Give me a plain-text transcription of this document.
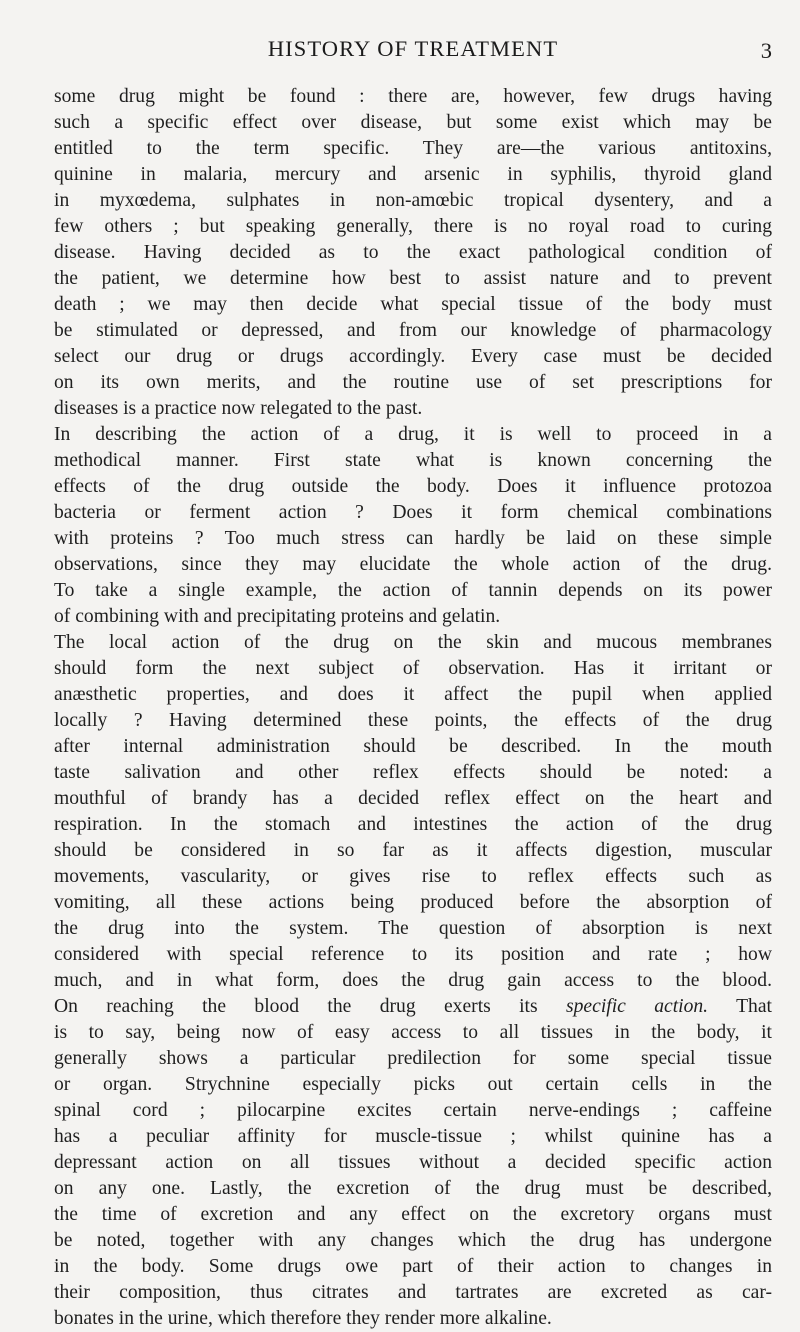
HISTORY OF TREATMENT	3
some drug might be found : there are, however, few drugs having
such a specific effect over disease, but some exist which may be
entitled to the term specific. They are—the various antitoxins,
quinine in malaria, mercury and arsenic in syphilis, thyroid gland
in myxœdema, sulphates in non-amœbic tropical dysentery, and a
few others ; but speaking generally, there is no royal road to curing
disease. Having decided as to the exact pathological condition of
the patient, we determine how best to assist nature and to prevent
death ; we may then decide what special tissue of the body must
be stimulated or depressed, and from our knowledge of pharmacology
select our drug or drugs accordingly. Every case must be decided
on its own merits, and the routine use of set prescriptions for
diseases is a practice now relegated to the past.
In describing the action of a drug, it is well to proceed in a
methodical manner. First state what is known concerning the
effects of the drug outside the body. Does it influence protozoa
bacteria or ferment action ? Does it form chemical combinations
with proteins ? Too much stress can hardly be laid on these simple
observations, since they may elucidate the whole action of the drug.
To take a single example, the action of tannin depends on its power
of combining with and precipitating proteins and gelatin.
The local action of the drug on the skin and mucous membranes
should form the next subject of observation. Has it irritant or
anæsthetic properties, and does it affect the pupil when applied
locally ? Having determined these points, the effects of the drug
after internal administration should be described. In the mouth
taste salivation and other reflex effects should be noted: a
mouthful of brandy has a decided reflex effect on the heart and
respiration. In the stomach and intestines the action of the drug
should be considered in so far as it affects digestion, muscular
movements, vascularity, or gives rise to reflex effects such as
vomiting, all these actions being produced before the absorption of
the drug into the system. The question of absorption is next
considered with special reference to its position and rate ; how
much, and in what form, does the drug gain access to the blood.
On reaching the blood the drug exerts its specific action. That
is to say, being now of easy access to all tissues in the body, it
generally shows a particular predilection for some special tissue
or organ. Strychnine especially picks out certain cells in the
spinal cord ; pilocarpine excites certain nerve-endings ; caffeine
has a peculiar affinity for muscle-tissue ; whilst quinine has a
depressant action on all tissues without a decided specific action
on any one. Lastly, the excretion of the drug must be described,
the time of excretion and any effect on the excretory organs must
be noted, together with any changes which the drug has undergone
in the body. Some drugs owe part of their action to changes in
their composition, thus citrates and tartrates are excreted as car-
bonates in the urine, which therefore they render more alkaline.
